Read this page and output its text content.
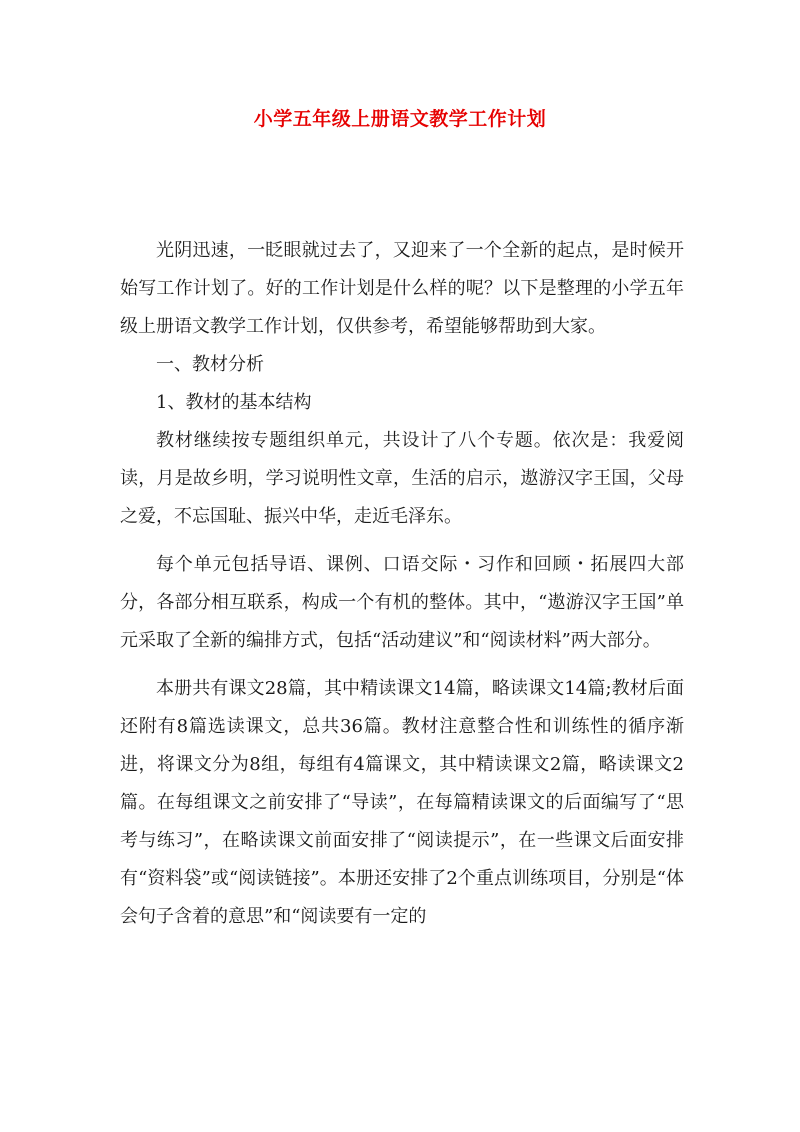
小学五年级上册语文教学工作计划

光阴迅速，一眨眼就过去了，又迎来了一个全新的起点，是时候开始写工作计划了。好的工作计划是什么样的呢？以下是整理的小学五年级上册语文教学工作计划，仅供参考，希望能够帮助到大家。

一、教材分析

1、教材的基本结构

教材继续按专题组织单元，共设计了八个专题。依次是：我爱阅读，月是故乡明，学习说明性文章，生活的启示，遨游汉字王国，父母之爱，不忘国耻、振兴中华，走近毛泽东。

每个单元包括导语、课例、口语交际・习作和回顾・拓展四大部分，各部分相互联系，构成一个有机的整体。其中，“遨游汉字王国”单元采取了全新的编排方式，包括“活动建议”和“阅读材料”两大部分。

本册共有课文28篇，其中精读课文14篇，略读课文14篇;教材后面还附有8篇选读课文，总共36篇。教材注意整合性和训练性的循序渐进，将课文分为8组，每组有4篇课文，其中精读课文2篇，略读课文2篇。在每组课文之前安排了“导读”，在每篇精读课文的后面编写了“思考与练习”，在略读课文前面安排了“阅读提示”，在一些课文后面安排有“资料袋”或“阅读链接”。本册还安排了2个重点训练项目，分别是“体会句子含着的意思”和“阅读要有一定的
